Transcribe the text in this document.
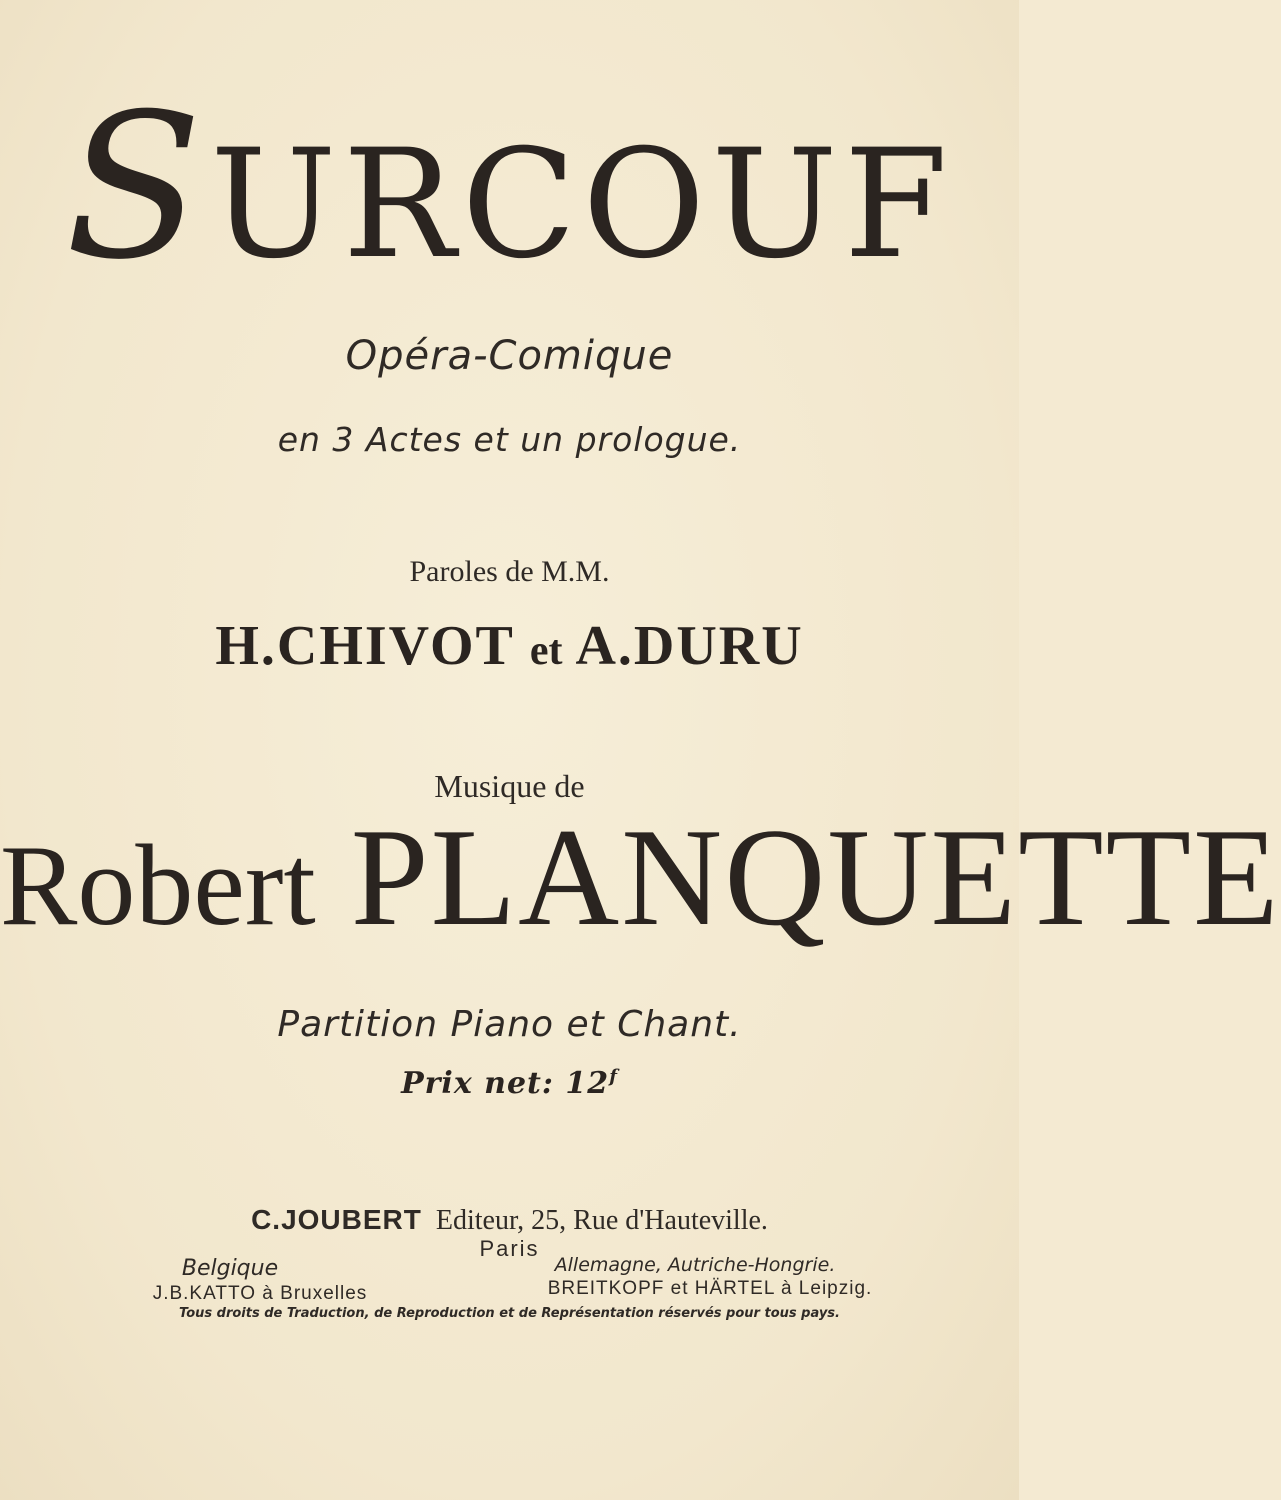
SURCOUF
Opéra-Comique
en 3 Actes et un prologue.
Paroles de M.M.
H.CHIVOT et A.DURU
Musique de
Robert PLANQUETTE
Partition Piano et Chant.
Prix net: 12$^f$
C.JOUBERT Editeur, 25, Rue d'Hauteville.
Paris
Belgique
J.B.KATTO à Bruxelles
Allemagne, Autriche-Hongrie.
BREITKOPF et HÄRTEL à Leipzig.
Tous droits de Traduction, de Reproduction et de Représentation réservés pour tous pays.
